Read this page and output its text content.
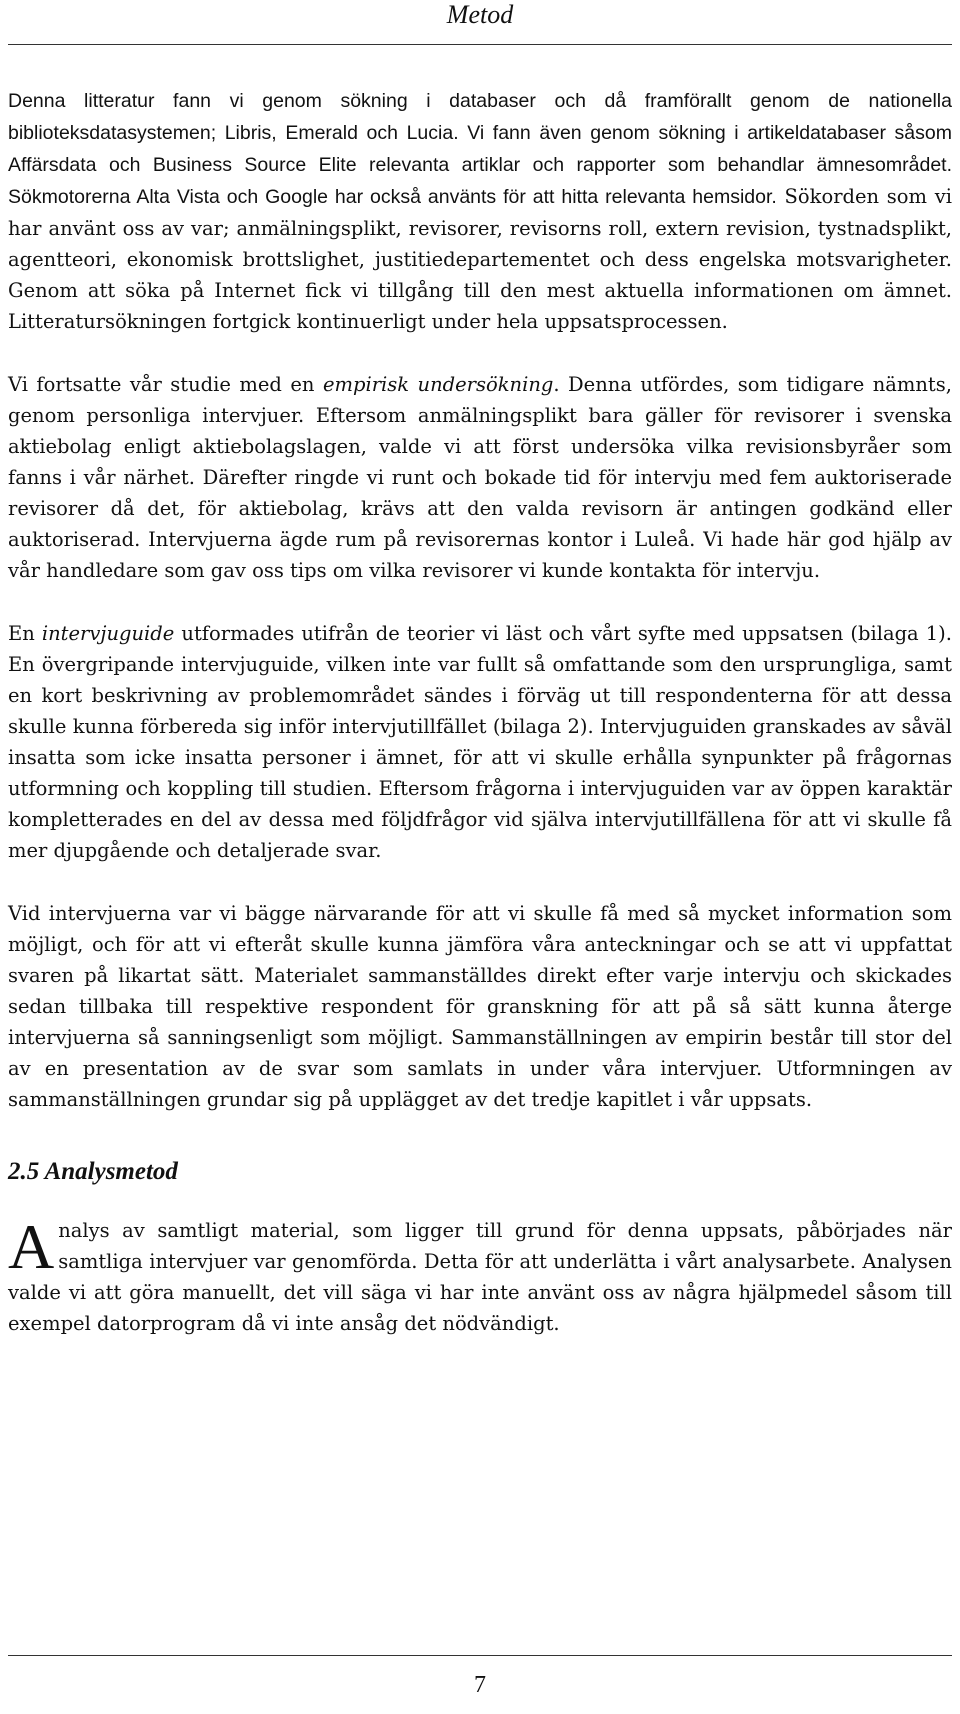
Metod

Denna litteratur fann vi genom sökning i databaser och då framförallt genom de nationella biblioteksdatasystemen; Libris, Emerald och Lucia. Vi fann även genom sökning i artikeldatabaser såsom Affärsdata och Business Source Elite relevanta artiklar och rapporter som behandlar ämnesområdet. Sökmotorerna Alta Vista och Google har också använts för att hitta relevanta hemsidor. Sökorden som vi har använt oss av var; anmälningsplikt, revisorer, revisorns roll, extern revision, tystnadsplikt, agentteori, ekonomisk brottslighet, justitiedepartementet och dess engelska motsvarigheter. Genom att söka på Internet fick vi tillgång till den mest aktuella informationen om ämnet. Litteratursökningen fortgick kontinuerligt under hela uppsatsprocessen.

Vi fortsatte vår studie med en empirisk undersökning. Denna utfördes, som tidigare nämnts, genom personliga intervjuer. Eftersom anmälningsplikt bara gäller för revisorer i svenska aktiebolag enligt aktiebolagslagen, valde vi att först undersöka vilka revisionsbyråer som fanns i vår närhet. Därefter ringde vi runt och bokade tid för intervju med fem auktoriserade revisorer då det, för aktiebolag, krävs att den valda revisorn är antingen godkänd eller auktoriserad. Intervjuerna ägde rum på revisorernas kontor i Luleå. Vi hade här god hjälp av vår handledare som gav oss tips om vilka revisorer vi kunde kontakta för intervju.

En intervjuguide utformades utifrån de teorier vi läst och vårt syfte med uppsatsen (bilaga 1). En övergripande intervjuguide, vilken inte var fullt så omfattande som den ursprungliga, samt en kort beskrivning av problemområdet sändes i förväg ut till respondenterna för att dessa skulle kunna förbereda sig inför intervjutillfället (bilaga 2). Intervjuguiden granskades av såväl insatta som icke insatta personer i ämnet, för att vi skulle erhålla synpunkter på frågornas utformning och koppling till studien. Eftersom frågorna i intervjuguiden var av öppen karaktär kompletterades en del av dessa med följdfrågor vid själva intervjutillfällena för att vi skulle få mer djupgående och detaljerade svar.

Vid intervjuerna var vi bägge närvarande för att vi skulle få med så mycket information som möjligt, och för att vi efteråt skulle kunna jämföra våra anteckningar och se att vi uppfattat svaren på likartat sätt. Materialet sammanställdes direkt efter varje intervju och skickades sedan tillbaka till respektive respondent för granskning för att på så sätt kunna återge intervjuerna så sanningsenligt som möjligt. Sammanställningen av empirin består till stor del av en presentation av de svar som samlats in under våra intervjuer. Utformningen av sammanställningen grundar sig på upplägget av det tredje kapitlet i vår uppsats.

2.5 Analysmetod

Analys av samtligt material, som ligger till grund för denna uppsats, påbörjades när samtliga intervjuer var genomförda. Detta för att underlätta i vårt analysarbete. Analysen valde vi att göra manuellt, det vill säga vi har inte använt oss av några hjälpmedel såsom till exempel datorprogram då vi inte ansåg det nödvändigt.

7
